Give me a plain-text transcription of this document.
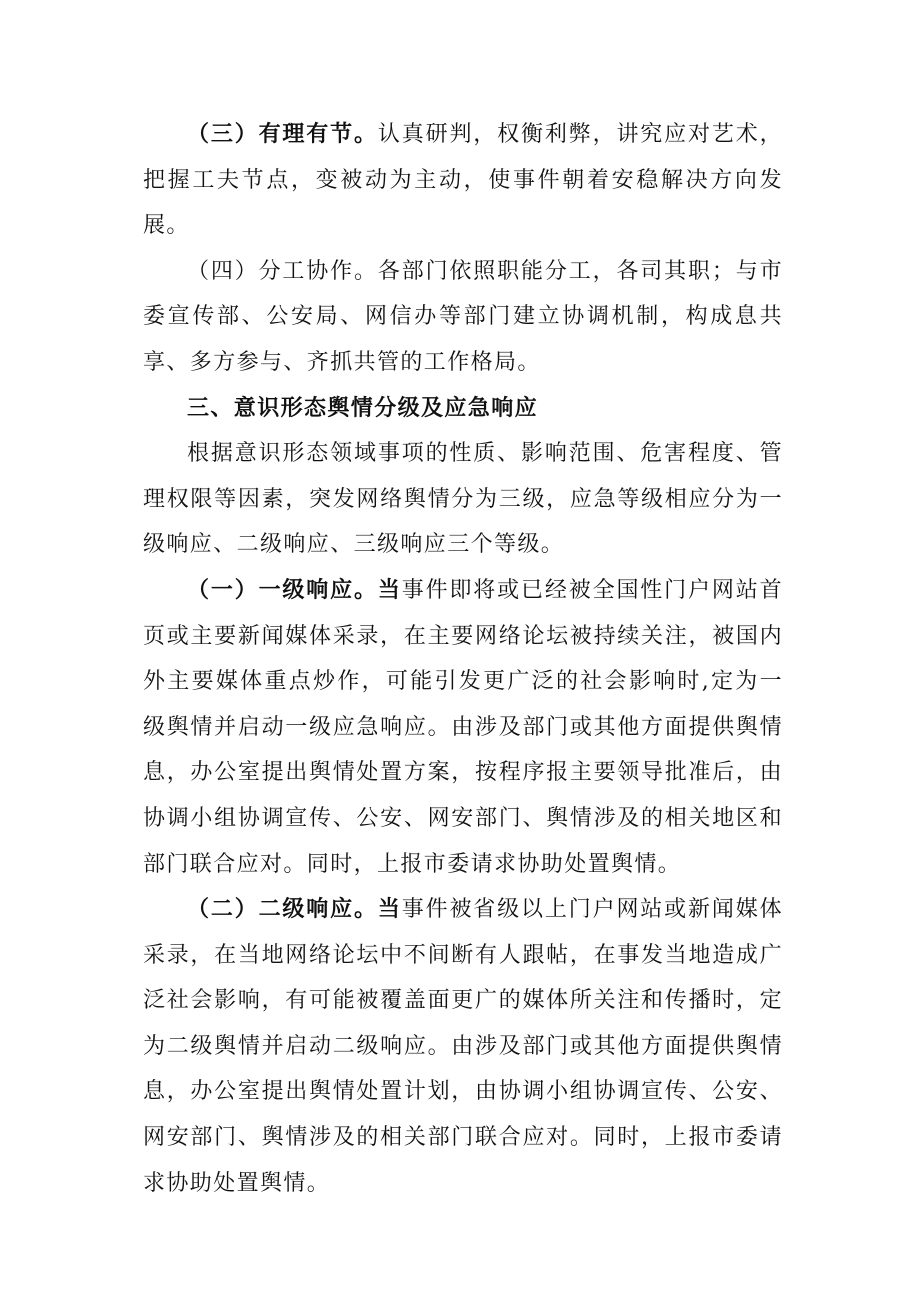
（三）有理有节。认真研判，权衡利弊，讲究应对艺术，把握工夫节点，变被动为主动，使事件朝着安稳解决方向发展。

（四）分工协作。各部门依照职能分工，各司其职；与市委宣传部、公安局、网信办等部门建立协调机制，构成息共享、多方参与、齐抓共管的工作格局。

三、意识形态舆情分级及应急响应

根据意识形态领域事项的性质、影响范围、危害程度、管理权限等因素，突发网络舆情分为三级，应急等级相应分为一级响应、二级响应、三级响应三个等级。

（一）一级响应。当事件即将或已经被全国性门户网站首页或主要新闻媒体采录，在主要网络论坛被持续关注，被国内外主要媒体重点炒作，可能引发更广泛的社会影响时,定为一级舆情并启动一级应急响应。由涉及部门或其他方面提供舆情息，办公室提出舆情处置方案，按程序报主要领导批准后，由协调小组协调宣传、公安、网安部门、舆情涉及的相关地区和部门联合应对。同时，上报市委请求协助处置舆情。

（二）二级响应。当事件被省级以上门户网站或新闻媒体采录，在当地网络论坛中不间断有人跟帖，在事发当地造成广泛社会影响，有可能被覆盖面更广的媒体所关注和传播时，定为二级舆情并启动二级响应。由涉及部门或其他方面提供舆情息，办公室提出舆情处置计划，由协调小组协调宣传、公安、网安部门、舆情涉及的相关部门联合应对。同时，上报市委请求协助处置舆情。
